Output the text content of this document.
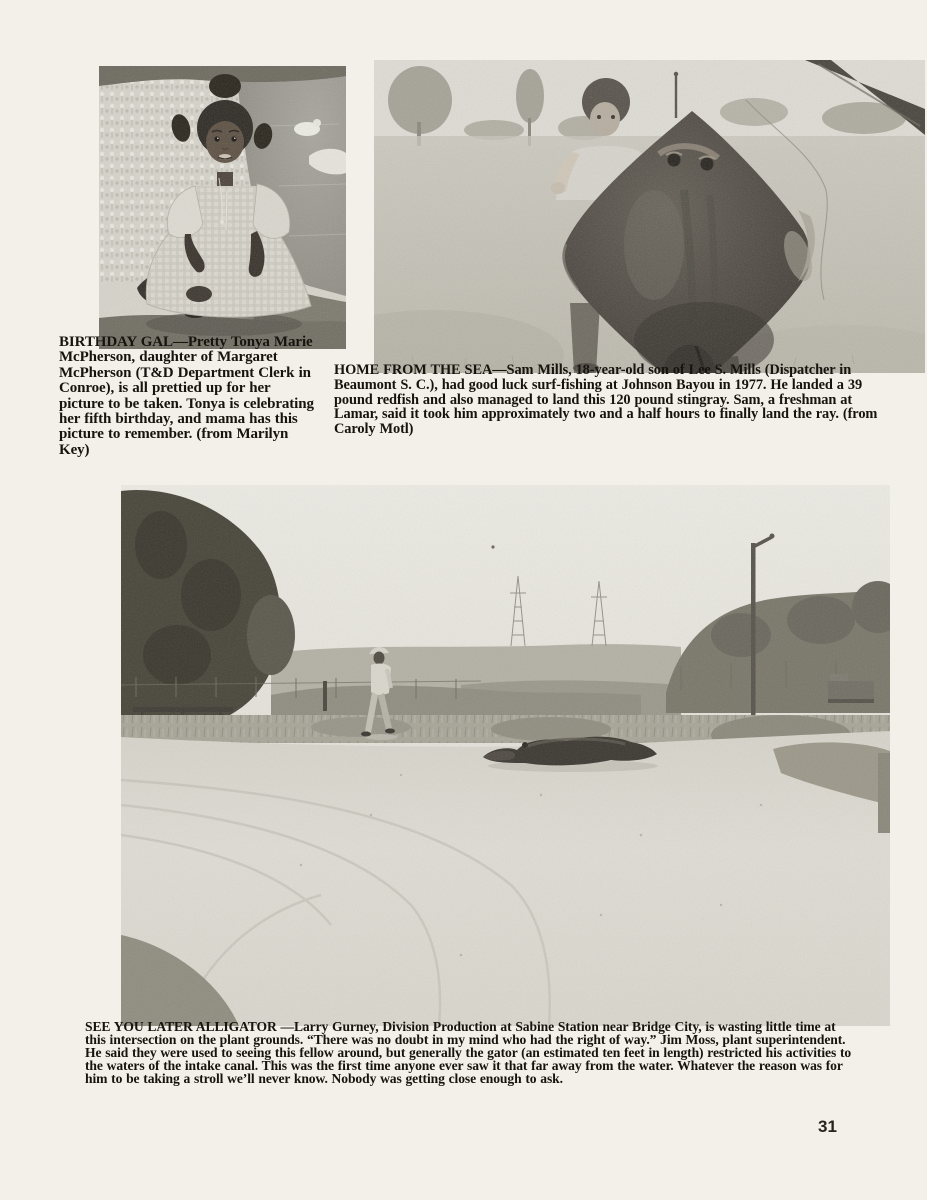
BIRTHDAY GAL—Pretty Tonya Marie McPherson, daughter of Margaret McPherson (T&D Department Clerk in Conroe), is all prettied up for her picture to be taken. Tonya is celebrating her fifth birthday, and mama has this picture to remember. (from Marilyn Key)

HOME FROM THE SEA—Sam Mills, 18-year-old son of Lee S. Mills (Dispatcher in Beaumont S. C.), had good luck surf-fishing at Johnson Bayou in 1977. He landed a 39 pound redfish and also managed to land this 120 pound stingray. Sam, a freshman at Lamar, said it took him approximately two and a half hours to finally land the ray. (from Caroly Motl)

SEE YOU LATER ALLIGATOR —Larry Gurney, Division Production at Sabine Station near Bridge City, is wasting little time at this intersection on the plant grounds. “There was no doubt in my mind who had the right of way.” Jim Moss, plant superintendent. He said they were used to seeing this fellow around, but generally the gator (an estimated ten feet in length) restricted his activities to the waters of the intake canal. This was the first time anyone ever saw it that far away from the water. Whatever the reason was for him to be taking a stroll we’ll never know. Nobody was getting close enough to ask.

31
